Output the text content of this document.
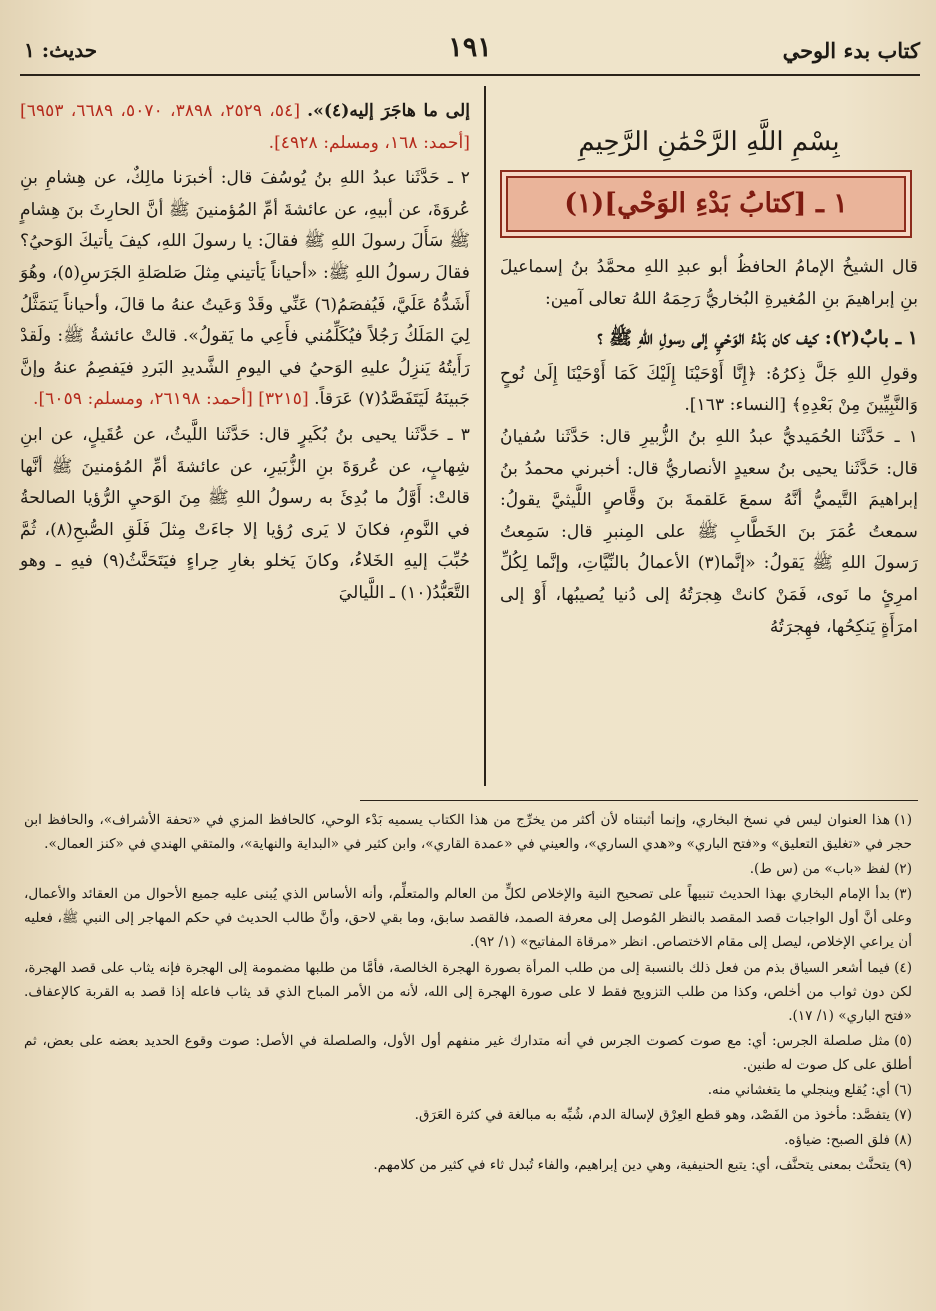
كتاب بدء الوحي
١٩١
حديث: ١
بِسْمِ اللَّهِ الرَّحْمَٰنِ الرَّحِيمِ
١ ـ [كتابُ بَدْءِ الوَحْي](١)

قال الشيخُ الإمامُ الحافظُ أبو عبدِ اللهِ محمَّدُ بنُ إسماعيلَ بنِ إبراهيمَ بنِ المُغيرةِ البُخاريُّ رَحِمَهُ اللهُ تعالى آمين:

١ ـ بابٌ(٢): كيف كان بَدْءُ الوَحْيِ إلى رسولِ اللهِ ﷺ ؟

وقولِ اللهِ جَلَّ ذِكرُهُ: ﴿إِنَّا أَوْحَيْنَا إِلَيْكَ كَمَا أَوْحَيْنَا إِلَىٰ نُوحٍ وَالنَّبِيِّينَ مِنْ بَعْدِهِ﴾ [النساء: ١٦٣].

١ ـ حَدَّثَنا الحُمَيديُّ عبدُ اللهِ بنُ الزُّبيرِ قال: حَدَّثَنا سُفيانُ قال: حَدَّثَنا يحيى بنُ سعيدٍ الأنصاريُّ قال: أخبرني محمدُ بنُ إبراهيمَ التَّيميُّ أنَّهُ سمعَ عَلقمةَ بنَ وقَّاصٍ اللَّيثيَّ يقولُ: سمعتُ عُمَرَ بنَ الخَطَّابِ ﷺ على المِنبرِ قال: سَمِعتُ رَسولَ اللهِ ﷺ يَقولُ: «إنَّما(٣) الأعمالُ بالنِّيَّاتِ، وإنَّما لِكُلِّ امرِئٍ ما نَوى، فَمَنْ كانتْ هِجرَتُهُ إلى دُنيا يُصيبُها، أَوْ إلى امرَأَةٍ يَنكِحُها، فهِجرَتُهُ

إلى ما هاجَرَ إليه(٤)». [٥٤، ٢٥٢٩، ٣٨٩٨، ٥٠٧٠، ٦٦٨٩، ٦٩٥٣] [أحمد: ١٦٨، ومسلم: ٤٩٢٨].

٢ ـ حَدَّثَنا عبدُ اللهِ بنُ يُوسُفَ قال: أخبرَنا مالِكٌ، عن هِشامِ بنِ عُروَةَ، عن أبيهِ، عن عائشةَ أمِّ المُؤمنينَ ﷺ أنَّ الحارِثَ بنَ هِشامٍ ﷺ سَأَلَ رسولَ اللهِ ﷺ فقالَ: يا رسولَ اللهِ، كيفَ يأتيكَ الوَحيُ؟ فقالَ رسولُ اللهِ ﷺ: «أحياناً يَأتيني مِثلَ صَلصَلةِ الجَرَسِ(٥)، وهُوَ أَشَدُّهُ عَلَيَّ، فَيُفصَمُ(٦) عَنِّي وقَدْ وَعَيتُ عنهُ ما قالَ، وأحياناً يَتمَثَّلُ لِيَ المَلَكُ رَجُلاً فيُكَلِّمُني فأَعِي ما يَقولُ». قالتْ عائشةُ ﷺ: ولَقدْ رَأَيتُهُ يَنزِلُ عليهِ الوَحيُ في اليومِ الشَّديدِ البَردِ فيَفصِمُ عنهُ وإنَّ جَبينَهُ لَيَتَفَصَّدُ(٧) عَرَقاً. [٣٢١٥] [أحمد: ٢٦١٩٨، ومسلم: ٦٠٥٩].

٣ ـ حَدَّثَنا يحيى بنُ بُكَيرٍ قال: حَدَّثَنا اللَّيثُ، عن عُقَيلٍ، عن ابنِ شِهابٍ، عن عُروَةَ بنِ الزُّبَيرِ، عن عائشةَ أمِّ المُؤمنينَ ﷺ أنَّها قالتْ: أَوَّلُ ما بُدِئَ به رسولُ اللهِ ﷺ مِنَ الوَحيِ الرُّؤيا الصالحةُ في النَّومِ، فكانَ لا يَرى رُؤيا إلا جاءَتْ مِثلَ فَلَقِ الصُّبحِ(٨)، ثُمَّ حُبِّبَ إليهِ الخَلاءُ، وكانَ يَخلو بغارِ حِراءٍ فيَتَحَنَّثُ(٩) فيهِ ـ وهو التَّعَبُّدُ(١٠) ـ اللَّياليَ

(١)هذا العنوان ليس في نسخ البخاري، وإنما أثبتناه لأن أكثر من يخرِّج من هذا الكتاب يسميه بَدْء الوحي، كالحافظ المزي في «تحفة الأشراف»، والحافظ ابن حجر في «تغليق التعليق» و«فتح الباري» و«هدي الساري»، والعيني في «عمدة القاري»، وابن كثير في «البداية والنهاية»، والمتقي الهندي في «كنز العمال».

(٢)لفظ «باب» من (س ط).

(٣)بدأ الإمام البخاري بهذا الحديث تنبيهاً على تصحيح النية والإخلاص لكلٍّ من العالم والمتعلِّم، وأنه الأساس الذي يُبنى عليه جميع الأحوال من العقائد والأعمال، وعلى أنَّ أول الواجبات قصد المقصد بالنظر المُوصل إلى معرفة الصمد، فالقصد سابق، وما بقي لاحق، وأنَّ طالب الحديث في حكم المهاجر إلى النبي ﷺ، فعليه أن يراعي الإخلاص، ليصل إلى مقام الاختصاص. انظر «مرقاة المفاتيح» (١/ ٩٢).

(٤)فيما أشعر السياق بذم من فعل ذلك بالنسبة إلى من طلب المرأة بصورة الهجرة الخالصة، فأمَّا من طلبها مضمومة إلى الهجرة فإنه يثاب على قصد الهجرة، لكن دون ثواب من أخلص، وكذا من طلب التزويج فقط لا على صورة الهجرة إلى الله، لأنه من الأمر المباح الذي قد يثاب فاعله إذا قصد به القربة كالإعفاف. «فتح الباري» (١/ ١٧).

(٥)مثل صلصلة الجرس: أي: مع صوت كصوت الجرس في أنه متدارك غير منفهم أول الأول، والصلصلة في الأصل: صوت وقوع الحديد بعضه على بعض، ثم أطلق على كل صوت له طنين.

(٦)أي: يُقلع وينجلي ما يتغشاني منه.

(٧)يتفصَّد: مأخوذ من الفَصْد، وهو قطع العِرْق لإسالة الدم، شُبِّه به مبالغة في كثرة العَرَق.

(٨)فلق الصبح: ضياؤه.

(٩)يتحنَّث بمعنى يتحنَّف، أي: يتبع الحنيفية، وهي دين إبراهيم، والفاء تُبدل ثاء في كثير من كلامهم.
